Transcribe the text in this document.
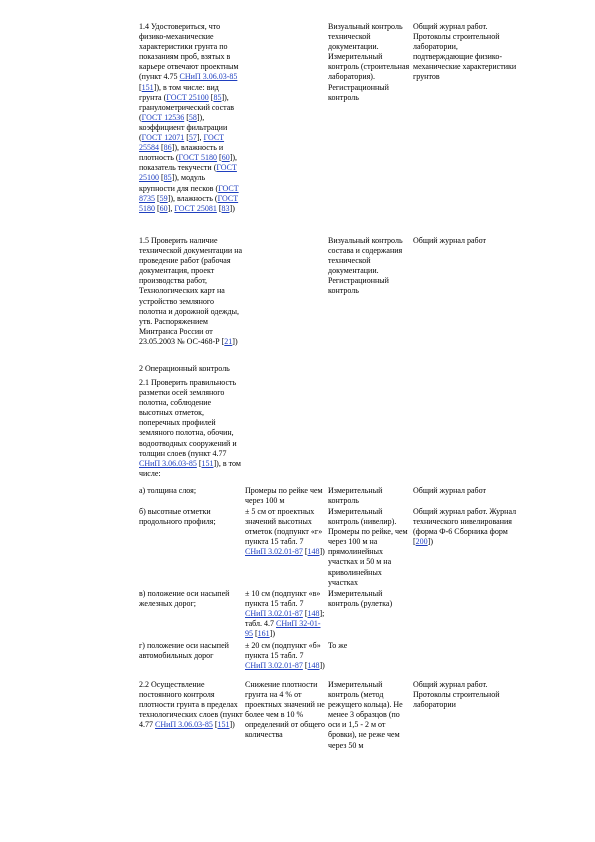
1.4 Удостовериться, что физико-механические характеристики грунта по показаниям проб, взятых в карьере отвечают проектным (пункт 4.75 СНиП 3.06.03-85 [151]), в том числе: вид грунта (ГОСТ 25100 [85]), гранулометрический состав (ГОСТ 12536 [58]), коэффициент фильтрации (ГОСТ 12071 [57], ГОСТ 25584 [86]), влажность и плотность (ГОСТ 5180 [60]), показатель текучести (ГОСТ 25100 [85]), модуль крупности для песков (ГОСТ 8735 [59]), влажность (ГОСТ 5180 [60], ГОСТ 25081 [83])
Визуальный контроль технической документации. Измерительный контроль (строительная лаборатория). Регистрационный контроль
Общий журнал работ. Протоколы строительной лаборатории, подтверждающие физико-механические характеристики грунтов
1.5 Проверить наличие технической документации на проведение работ (рабочая документация, проект производства работ, Технологических карт на устройство земляного полотна и дорожной одежды, утв. Распоряжением Минтранса России от 23.05.2003 № ОС-468-Р [21])
Визуальный контроль состава и содержания технической документации. Регистрационный контроль
Общий журнал работ
2 Операционный контроль
2.1 Проверить правильность разметки осей земляного полотна, соблюдение высотных отметок, поперечных профилей земляного полотна, обочин, водоотводных сооружений и толщин слоев (пункт 4.77 СНиП 3.06.03-85 [151]), в том числе:
а) толщина слоя;	Промеры по рейке чем через 100 м
Измерительный контроль
Общий журнал работ
б) высотные отметки продольного профиля;
± 5 см от проектных значений высотных отметок (подпункт «г» пункта 15 табл. 7 СНиП 3.02.01-87 [148])
Измерительный контроль (нивелир). Промеры по рейке, чем через 100 м на прямолинейных участках и 50 м на криволинейных участках
Общий журнал работ. Журнал технического нивелирования (форма Ф-6 Сборника форм [200])
в) положение оси насыпей железных дорог;
± 10 см (подпункт «в» пункта 15 табл. 7 СНиП 3.02.01-87 [148]; табл. 4.7 СНиП 32-01-95 [161])
Измерительный контроль (рулетка)
г) положение оси насыпей автомобильных дорог
± 20 см (подпункт «б» пункта 15 табл. 7 СНиП 3.02.01-87 [148])
То же
2.2 Осуществление постоянного контроля плотности грунта в пределах технологических слоев (пункт 4.77 СНиП 3.06.03-85 [151])
Снижение плотности грунта на 4 % от проектных значений не более чем в 10 % определений от общего количества
Измерительный контроль (метод режущего кольца). Не менее 3 образцов (по оси и 1,5 - 2 м от бровки), не реже чем через 50 м
Общий журнал работ. Протоколы строительной лаборатории
